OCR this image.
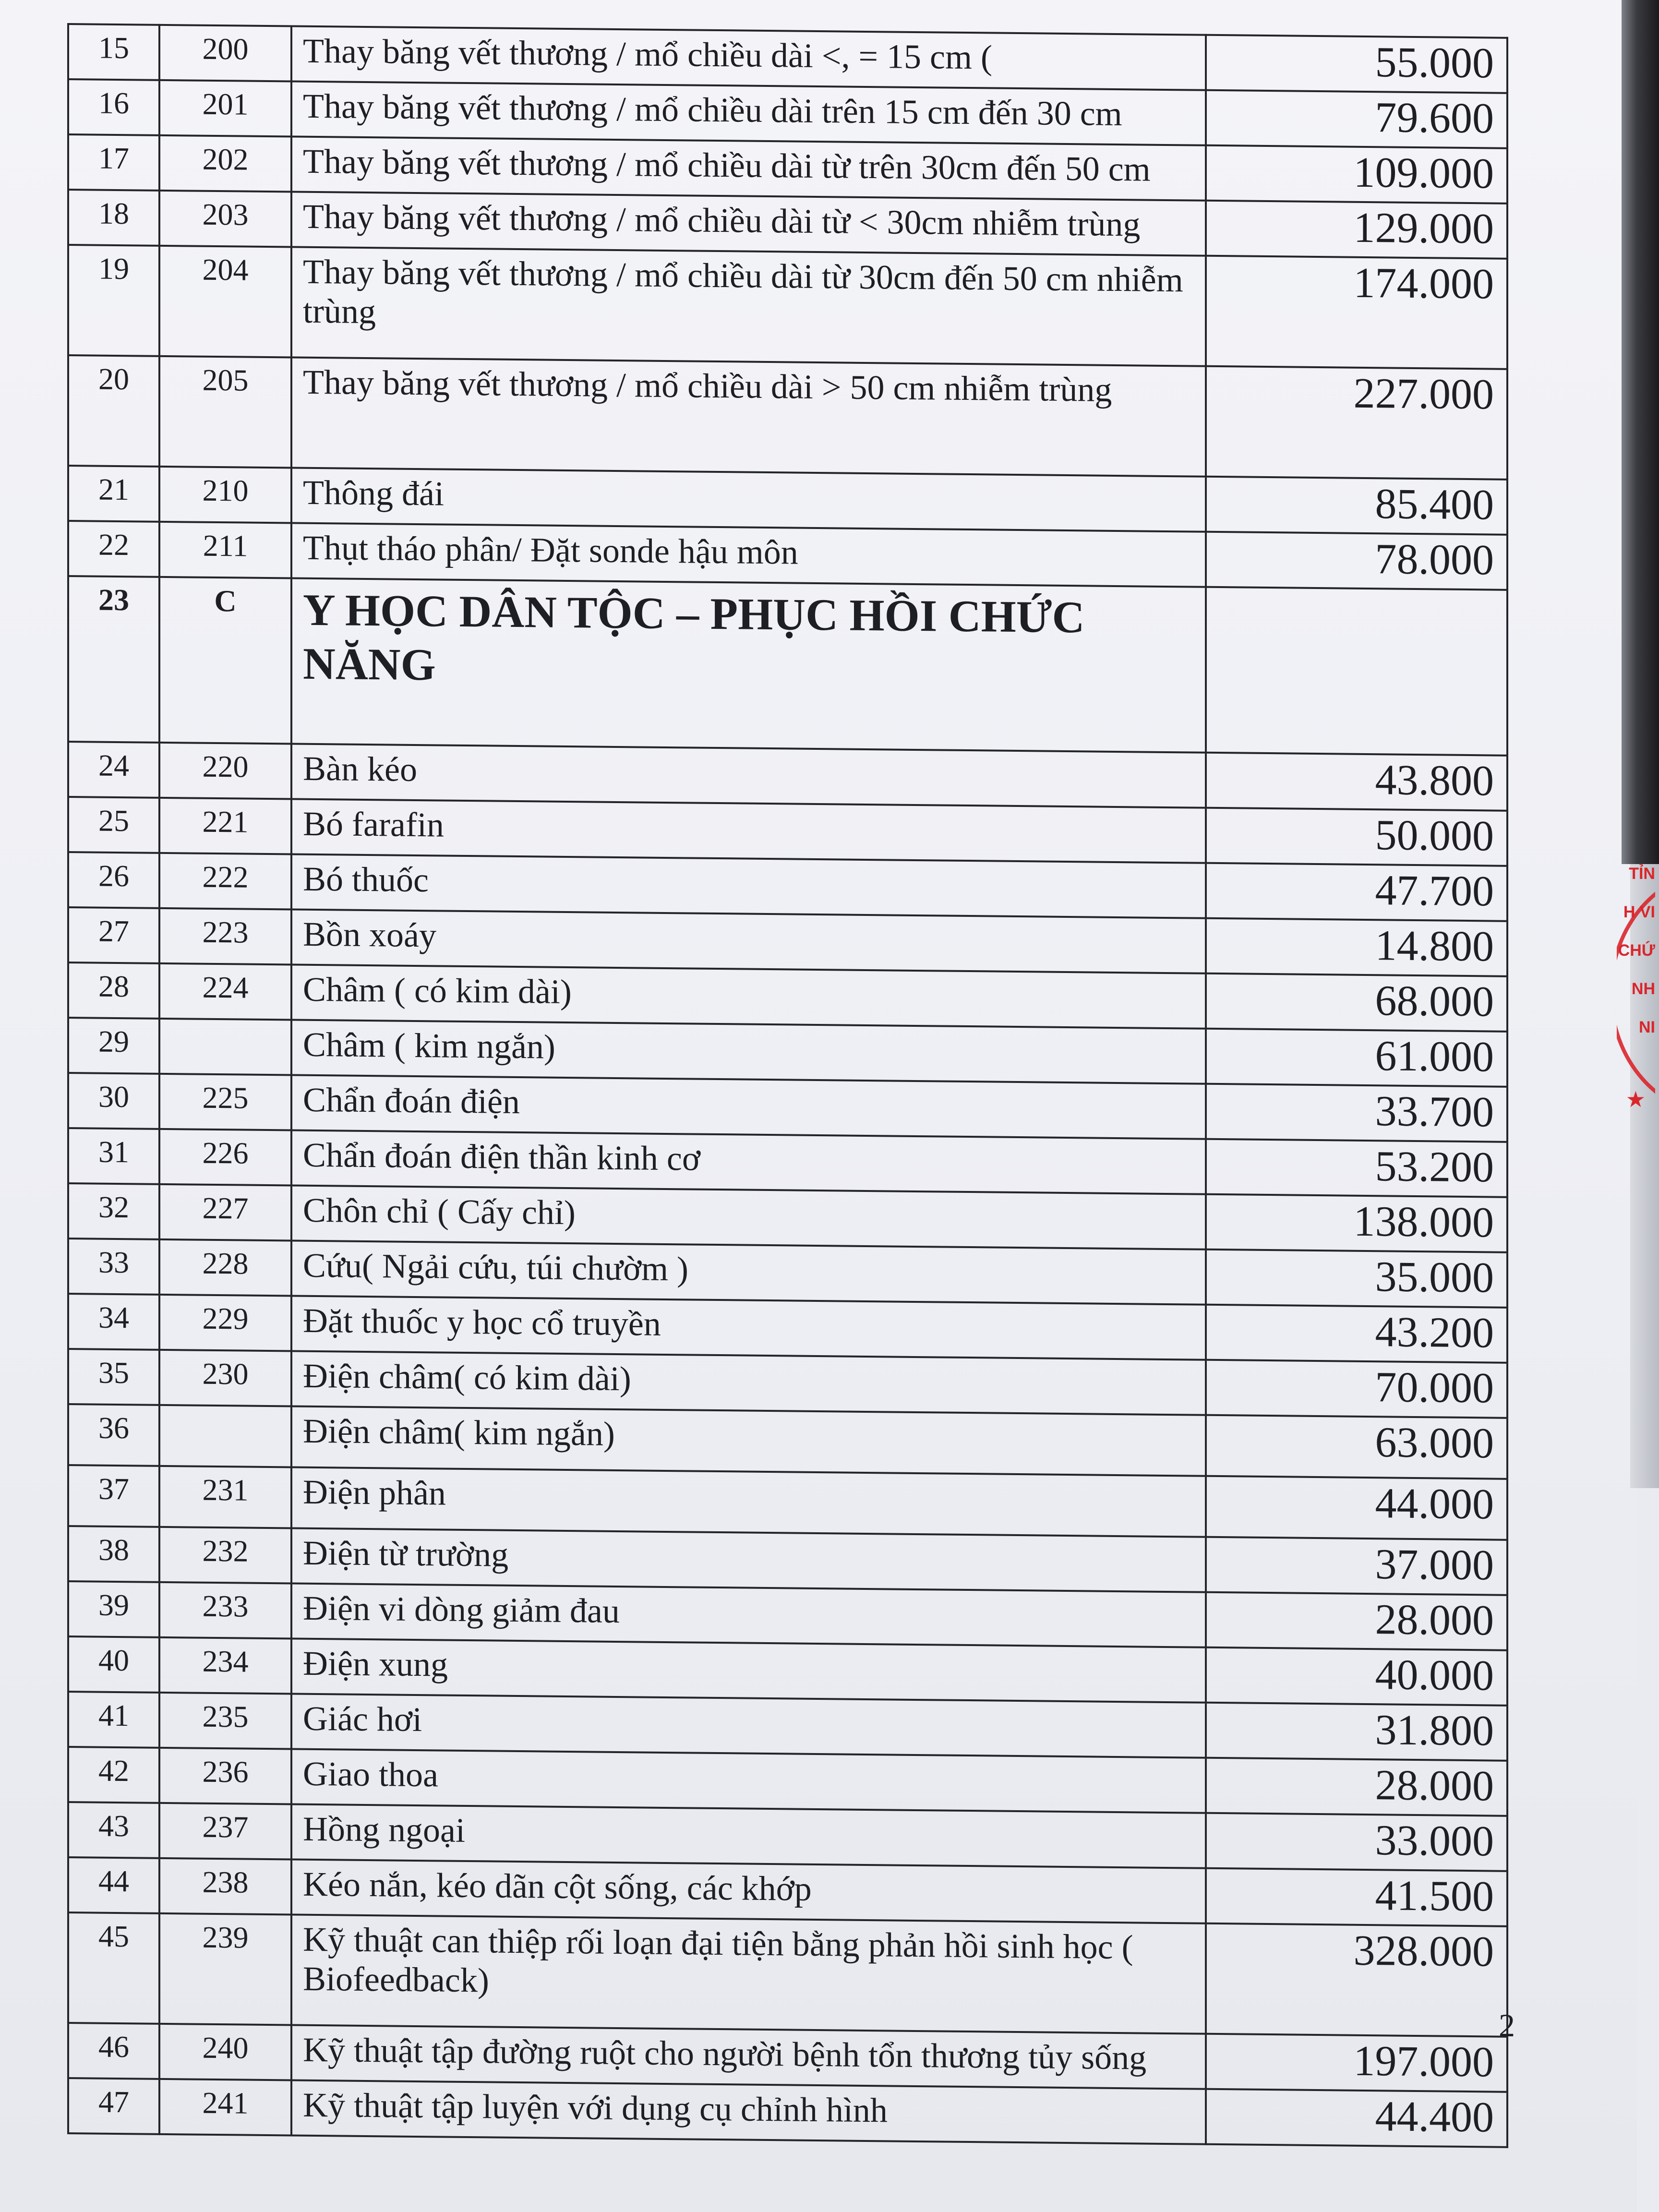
15	200	Thay băng vết thương / mổ chiều dài <, = 15 cm (	55.000
16	201	Thay băng vết thương / mổ chiều dài trên 15 cm đến 30 cm	79.600
17	202	Thay băng vết thương / mổ chiều dài từ trên 30cm đến 50 cm	109.000
18	203	Thay băng vết thương / mổ chiều dài từ < 30cm nhiễm trùng	129.000
19	204	Thay băng vết thương / mổ chiều dài từ 30cm đến 50 cm nhiễm trùng	174.000
20	205	Thay băng vết thương / mổ chiều dài > 50 cm nhiễm trùng	227.000
21	210	Thông đái	85.400
22	211	Thụt tháo phân/ Đặt sonde hậu môn	78.000
23	C	Y HỌC DÂN TỘC – PHỤC HỒI CHỨC NĂNG	
24	220	Bàn kéo	43.800
25	221	Bó farafin	50.000
26	222	Bó thuốc	47.700
27	223	Bồn xoáy	14.800
28	224	Châm ( có kim dài)	68.000
29		Châm ( kim ngắn)	61.000
30	225	Chẩn đoán điện	33.700
31	226	Chẩn đoán điện thần kinh cơ	53.200
32	227	Chôn chỉ ( Cấy chỉ)	138.000
33	228	Cứu( Ngải cứu, túi chườm )	35.000
34	229	Đặt thuốc y học cổ truyền	43.200
35	230	Điện châm( có kim dài)	70.000
36		Điện châm( kim ngắn)	63.000
37	231	Điện phân	44.000
38	232	Điện từ trường	37.000
39	233	Điện vi dòng giảm đau	28.000
40	234	Điện xung	40.000
41	235	Giác hơi	31.800
42	236	Giao thoa	28.000
43	237	Hồng ngoại	33.000
44	238	Kéo nắn, kéo dãn cột sống, các khớp	41.500
45	239	Kỹ thuật can thiệp rối loạn đại tiện bằng phản hồi sinh học ( Biofeedback)	328.000
46	240	Kỹ thuật tập đường ruột cho người bệnh tổn thương tủy sống	197.000
47	241	Kỹ thuật tập luyện với dụng cụ chỉnh hình	44.400
TỈN
H VI
CHỨ
NH
NI
★
2
